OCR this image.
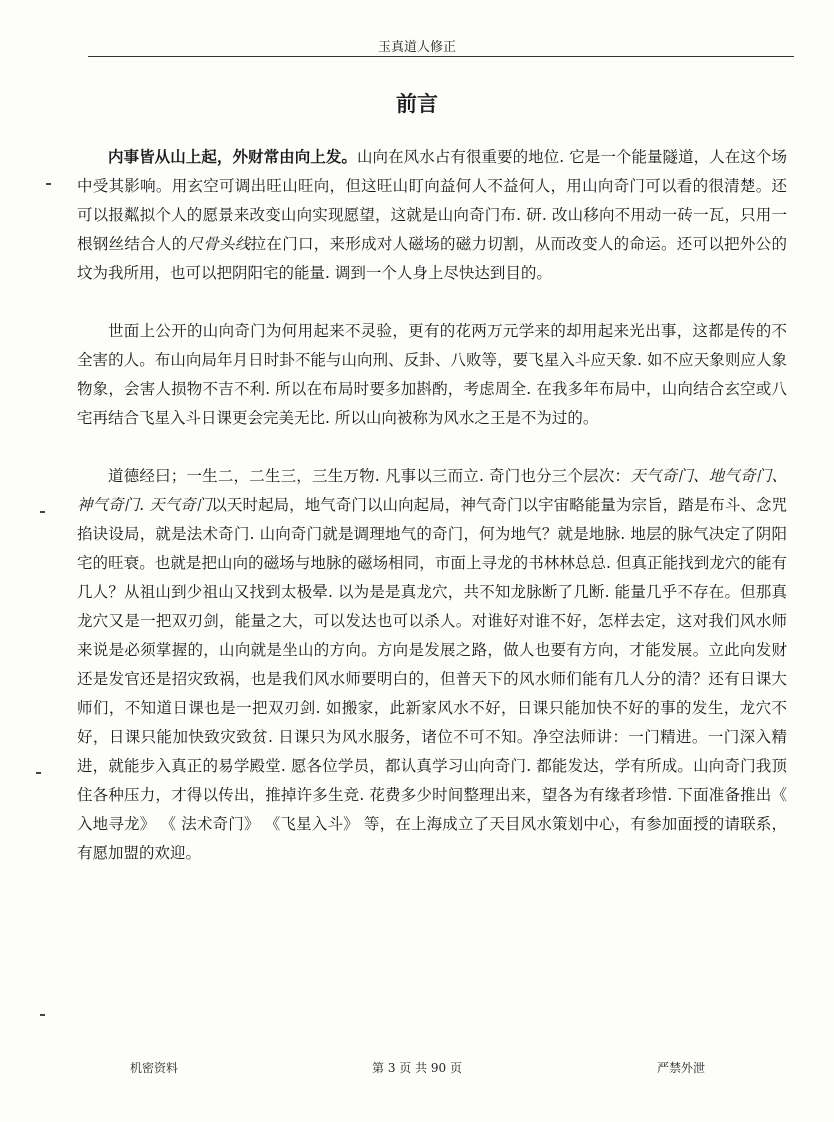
玉真道人修正
前言

内事皆从山上起，外财常由向上发。山向在风水占有很重要的地位. 它是一个能量隧道，人在这个场中受其影响。用玄空可调出旺山旺向，但这旺山盯向益何人不益何人，用山向奇门可以看的很清楚。还可以报粼拟个人的愿景来改变山向实现愿望，这就是山向奇门布. 研. 改山移向不用动一砖一瓦，只用一根钢丝结合人的尺骨头线拉在门口，来形成对人磁场的磁力切割，从而改变人的命运。还可以把外公的坟为我所用，也可以把阴阳宅的能量. 调到一个人身上尽快达到目的。

世面上公开的山向奇门为何用起来不灵验，更有的花两万元学来的却用起来光出事，这都是传的不全害的人。布山向局年月日时卦不能与山向刑、反卦、八败等，要飞星入斗应天象. 如不应天象则应人象物象，会害人损物不吉不利. 所以在布局时要多加斟酌，考虑周全. 在我多年布局中，山向结合玄空或八宅再结合飞星入斗日课更会完美无比. 所以山向被称为风水之王是不为过的。

道德经曰；一生二，二生三，三生万物. 凡事以三而立. 奇门也分三个层次：天气奇门、地气奇门、神气奇门. 天气奇门以天时起局，地气奇门以山向起局，神气奇门以宇宙略能量为宗旨，踏是布斗、念咒掐诀设局，就是法术奇门. 山向奇门就是调理地气的奇门，何为地气？就是地脉. 地层的脉气决定了阴阳宅的旺衰。也就是把山向的磁场与地脉的磁场相同，市面上寻龙的书林林总总. 但真正能找到龙穴的能有几人？从祖山到少祖山又找到太极晕. 以为是是真龙穴，共不知龙脉断了几断. 能量几乎不存在。但那真龙穴又是一把双刃剑，能量之大，可以发达也可以杀人。对谁好对谁不好，怎样去定，这对我们风水师来说是必须掌握的，山向就是坐山的方向。方向是发展之路，做人也要有方向，才能发展。立此向发财还是发官还是招灾致祸，也是我们风水师要明白的，但普天下的风水师们能有几人分的清？还有日课大师们，不知道日课也是一把双刃剑. 如搬家，此新家风水不好，日课只能加快不好的事的发生，龙穴不好，日课只能加快致灾致贫. 日课只为风水服务，诸位不可不知。净空法师讲：一门精进。一门深入精进，就能步入真正的易学殿堂. 愿各位学员，都认真学习山向奇门. 都能发达，学有所成。山向奇门我顶住各种压力，才得以传出，推掉许多生竞. 花费多少时间整理出来，望各为有缘者珍惜. 下面准备推出《 入地寻龙》 《 法术奇门》 《飞星入斗》 等，在上海成立了天目风水策划中心，有参加面授的请联系，有愿加盟的欢迎。

机密资料	第 3 页 共 90 页	严禁外泄
